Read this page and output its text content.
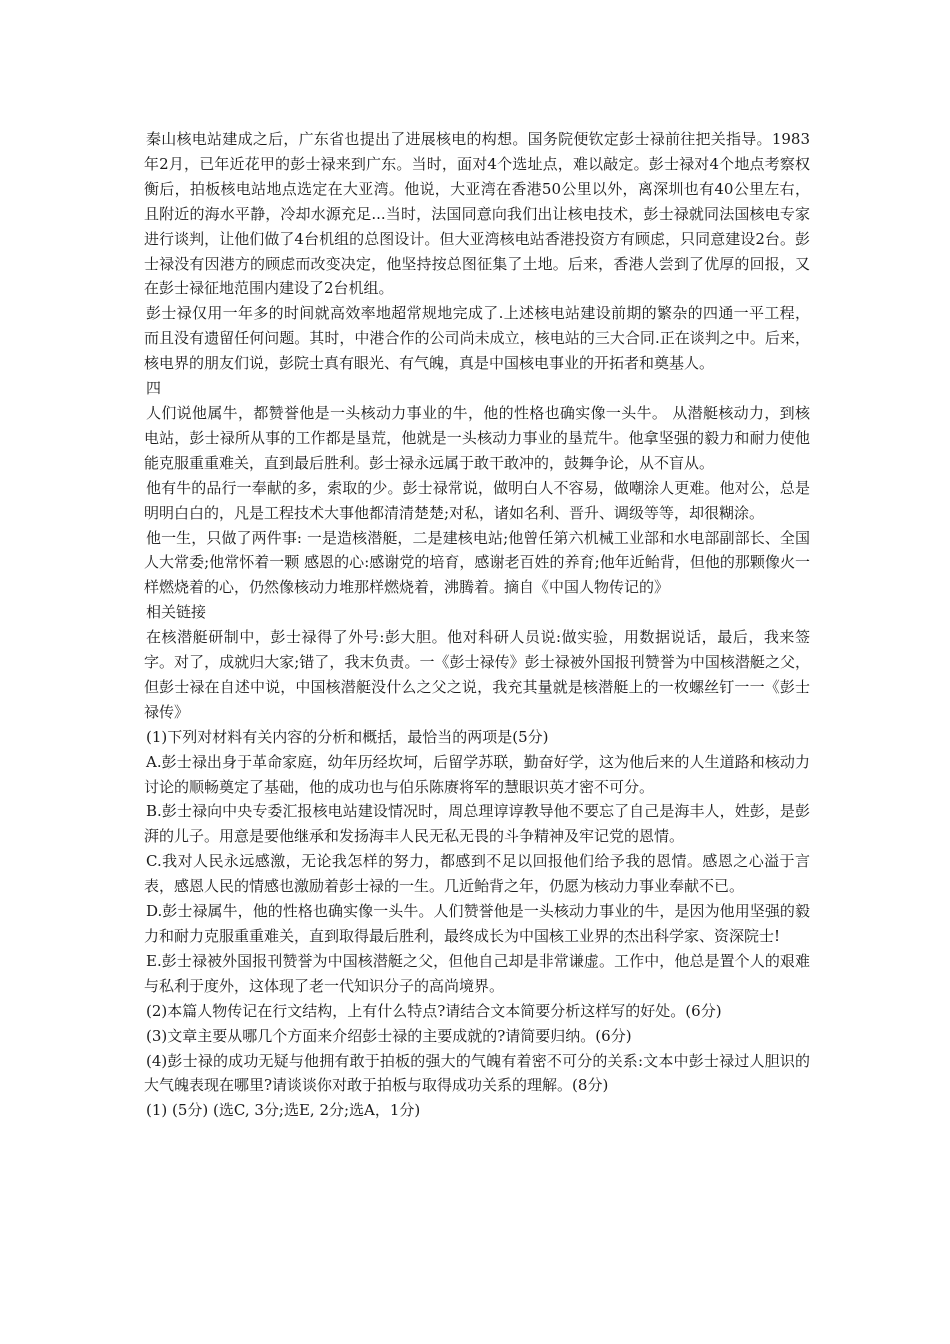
秦山核电站建成之后，广东省也提出了进展核电的构想。国务院便钦定彭士禄前往把关指导。1983 年2月，已年近花甲的彭士禄来到广东。当时，面对4个选址点，难以敲定。彭士禄对4个地点考察权衡后，拍板核电站地点选定在大亚湾。他说，大亚湾在香港50公里以外，离深圳也有40公里左右，且附近的海水平静，冷却水源充足...当时，法国同意向我们出让核电技术，彭士禄就同法国核电专家进行谈判，让他们做了4台机组的总图设计。但大亚湾核电站香港投资方有顾虑，只同意建设2台。彭士禄没有因港方的顾虑而改变决定，他坚持按总图征集了土地。后来，香港人尝到了优厚的回报，又在彭士禄征地范围内建设了2台机组。

彭士禄仅用一年多的时间就高效率地超常规地完成了.上述核电站建设前期的繁杂的四通一平工程，而且没有遗留任何问题。其时，中港合作的公司尚未成立，核电站的三大合同.正在谈判之中。后来，核电界的朋友们说，彭院士真有眼光、有气魄，真是中国核电事业的开拓者和奠基人。

四

人们说他属牛，都赞誉他是一头核动力事业的牛，他的性格也确实像一头牛。 从潜艇核动力，到核电站，彭士禄所从事的工作都是垦荒，他就是一头核动力事业的垦荒牛。他拿坚强的毅力和耐力使他能克服重重难关，直到最后胜利。彭士禄永远属于敢干敢冲的，鼓舞争论，从不盲从。

他有牛的品行一奉献的多，索取的少。彭士禄常说，做明白人不容易，做嘲涂人更难。他对公，总是明明白白的，凡是工程技术大事他都清清楚楚;对私，诸如名利、晋升、调级等等，却很糊涂。

他一生，只做了两件事: 一是造核潜艇，二是建核电站;他曾任第六机械工业部和水电部副部长、全国人大常委;他常怀着一颗 感恩的心:感谢党的培育，感谢老百姓的养育;他年近鲐背，但他的那颗像火一样燃烧着的心，仍然像核动力堆那样燃烧着，沸腾着。摘自《中国人物传记的》

相关链接

在核潜艇研制中，彭士禄得了外号:彭大胆。他对科研人员说:做实验，用数据说话，最后，我来签字。对了，成就归大家;错了，我末负责。一《彭士禄传》彭士禄被外国报刊赞誉为中国核潜艇之父，但彭士禄在自述中说，中国核潜艇没什么之父之说，我充其量就是核潜艇上的一枚螺丝钉一一《彭士禄传》

(1)下列对材料有关内容的分析和概括，最恰当的两项是(5分)

A.彭士禄出身于革命家庭，幼年历经坎坷，后留学苏联，勤奋好学，这为他后来的人生道路和核动力讨论的顺畅奠定了基础，他的成功也与伯乐陈赓将军的慧眼识英才密不可分。

B.彭士禄向中央专委汇报核电站建设情况时，周总理谆谆教导他不要忘了自己是海丰人，姓彭，是彭湃的儿子。用意是要他继承和发扬海丰人民无私无畏的斗争精神及牢记党的恩情。

C.我对人民永远感激，无论我怎样的努力，都感到不足以回报他们给予我的恩情。感恩之心溢于言表，感恩人民的情感也激励着彭士禄的一生。几近鲐背之年，仍愿为核动力事业奉献不已。

D.彭士禄属牛，他的性格也确实像一头牛。人们赞誉他是一头核动力事业的牛，是因为他用坚强的毅力和耐力克服重重难关，直到取得最后胜利，最终成长为中国核工业界的杰出科学家、资深院士!

E.彭士禄被外国报刊赞誉为中国核潜艇之父，但他自己却是非常谦虚。工作中，他总是置个人的艰难与私利于度外，这体现了老一代知识分子的高尚境界。

(2)本篇人物传记在行文结构，上有什么特点?请结合文本简要分析这样写的好处。(6分)

(3)文章主要从哪几个方面来介绍彭士禄的主要成就的?请简要归纳。(6分)

(4)彭士禄的成功无疑与他拥有敢于拍板的强大的气魄有着密不可分的关系:文本中彭士禄过人胆识的大气魄表现在哪里?请谈谈你对敢于拍板与取得成功关系的理解。(8分)

(1) (5分) (选C, 3分;选E, 2分;选A，1分)
